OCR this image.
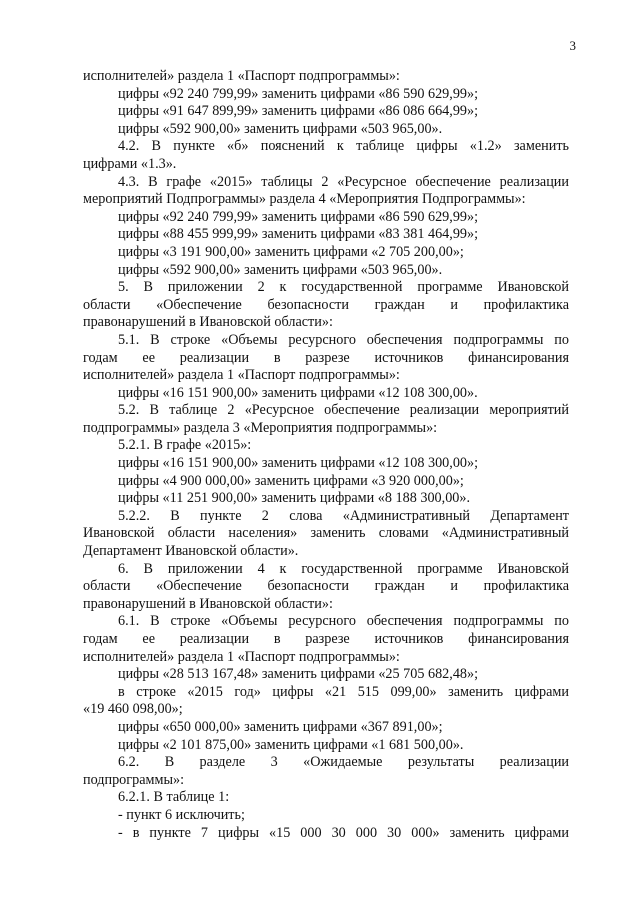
3
исполнителей» раздела 1 «Паспорт подпрограммы»:
цифры «92 240 799,99» заменить цифрами «86 590 629,99»;
цифры «91 647 899,99» заменить цифрами «86 086 664,99»;
цифры «592 900,00» заменить цифрами «503 965,00».
4.2. В пункте «б» пояснений к таблице цифры «1.2» заменить
цифрами «1.3».
4.3. В графе «2015» таблицы 2 «Ресурсное обеспечение реализации
мероприятий Подпрограммы» раздела 4 «Мероприятия Подпрограммы»:
цифры «92 240 799,99» заменить цифрами «86 590 629,99»;
цифры «88 455 999,99» заменить цифрами «83 381 464,99»;
цифры «3 191 900,00» заменить цифрами «2 705 200,00»;
цифры «592 900,00» заменить цифрами «503 965,00».
5. В приложении 2 к государственной программе Ивановской
области «Обеспечение безопасности граждан и профилактика
правонарушений в Ивановской области»:
5.1. В строке «Объемы ресурсного обеспечения подпрограммы по
годам ее реализации в разрезе источников финансирования
исполнителей» раздела 1 «Паспорт подпрограммы»:
цифры «16 151 900,00» заменить цифрами «12 108 300,00».
5.2. В таблице 2 «Ресурсное обеспечение реализации мероприятий
подпрограммы» раздела 3 «Мероприятия подпрограммы»:
5.2.1. В графе «2015»:
цифры «16 151 900,00» заменить цифрами «12 108 300,00»;
цифры «4 900 000,00» заменить цифрами «3 920 000,00»;
цифры «11 251 900,00» заменить цифрами «8 188 300,00».
5.2.2. В пункте 2 слова «Административный Департамент
Ивановской области населения» заменить словами «Административный
Департамент Ивановской области».
6. В приложении 4 к государственной программе Ивановской
области «Обеспечение безопасности граждан и профилактика
правонарушений в Ивановской области»:
6.1. В строке «Объемы ресурсного обеспечения подпрограммы по
годам ее реализации в разрезе источников финансирования
исполнителей» раздела 1 «Паспорт подпрограммы»:
цифры «28 513 167,48» заменить цифрами «25 705 682,48»;
в строке «2015 год» цифры «21 515 099,00» заменить цифрами
«19 460 098,00»;
цифры «650 000,00» заменить цифрами «367 891,00»;
цифры «2 101 875,00» заменить цифрами «1 681 500,00».
6.2. В разделе 3 «Ожидаемые результаты реализации
подпрограммы»:
6.2.1. В таблице 1:
- пункт 6 исключить;
- в пункте 7 цифры «15 000 30 000 30 000» заменить цифрами
